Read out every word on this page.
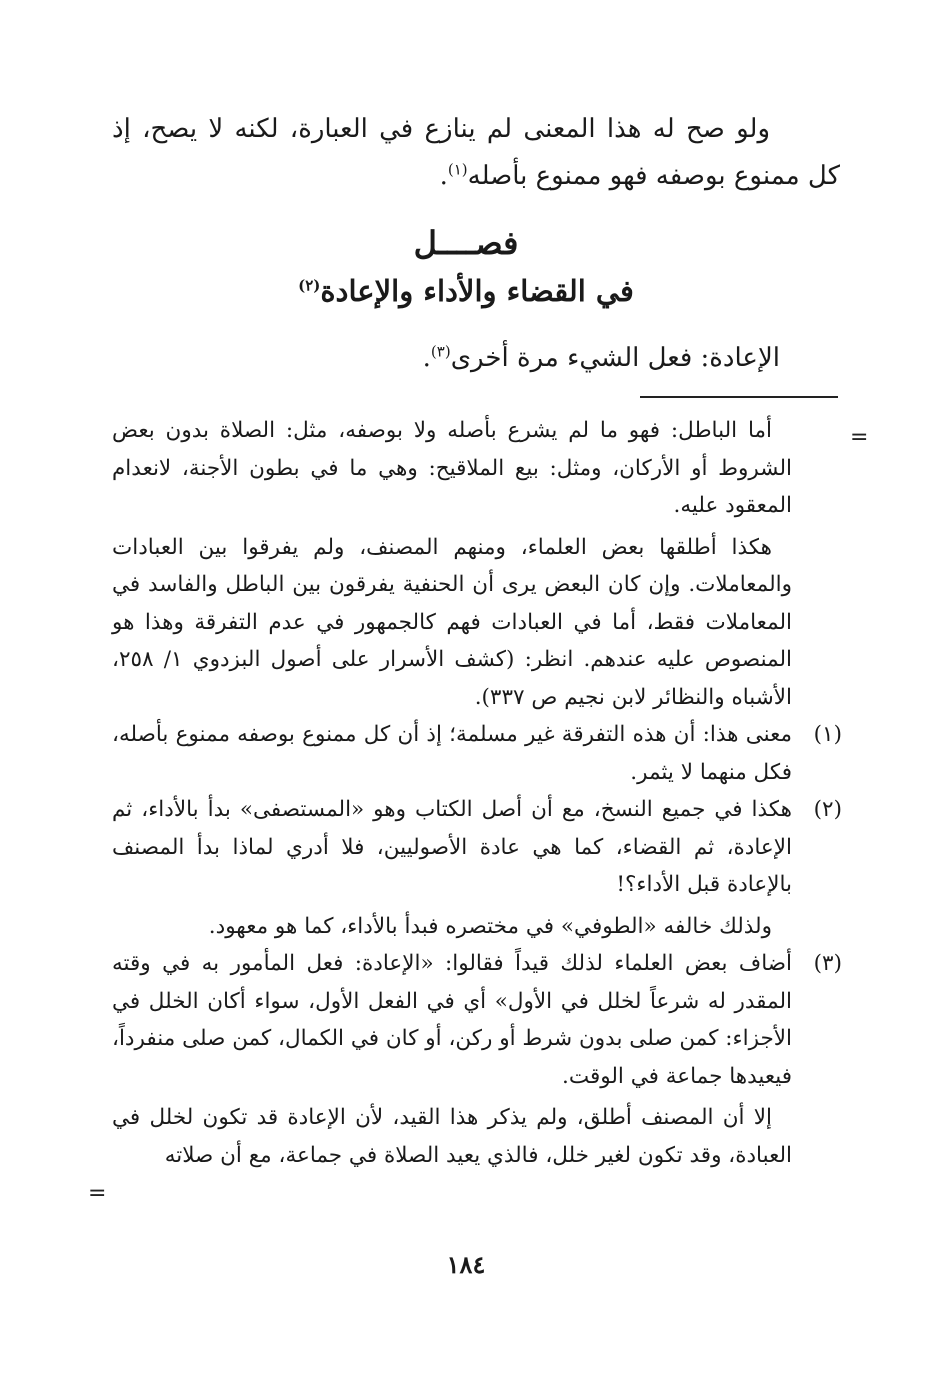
ولو صح له هذا المعنى لم ينازع في العبارة، لكنه لا يصح، إذ كل ممنوع بوصفه فهو ممنوع بأصله$^{(١)}$.
فصــــل
في القضاء والأداء والإعادة$^{(٢)}$
الإعادة: فعل الشيء مرة أخرى$^{(٣)}$.
=

أما الباطل: فهو ما لم يشرع بأصله ولا بوصفه، مثل: الصلاة بدون بعض الشروط أو الأركان، ومثل: بيع الملاقيح: وهي ما في بطون الأجنة، لانعدام المعقود عليه.

هكذا أطلقها بعض العلماء، ومنهم المصنف، ولم يفرقوا بين العبادات والمعاملات. وإن كان البعض يرى أن الحنفية يفرقون بين الباطل والفاسد في المعاملات فقط، أما في العبادات فهم كالجمهور في عدم التفرقة وهذا هو المنصوص عليه عندهم. انظر: (كشف الأسرار على أصول البزدوي ١/ ٢٥٨، الأشباه والنظائر لابن نجيم ص ٣٣٧).

(١)
معنى هذا: أن هذه التفرقة غير مسلمة؛ إذ أن كل ممنوع بوصفه ممنوع بأصله، فكل منهما لا يثمر.
(٢)
هكذا في جميع النسخ، مع أن أصل الكتاب وهو «المستصفى» بدأ بالأداء، ثم الإعادة، ثم القضاء، كما هي عادة الأصوليين، فلا أدري لماذا بدأ المصنف بالإعادة قبل الأداء؟!

ولذلك خالفه «الطوفي» في مختصره فبدأ بالأداء، كما هو معهود.

(٣)
أضاف بعض العلماء لذلك قيداً فقالوا: «الإعادة: فعل المأمور به في وقته المقدر له شرعاً لخلل في الأول» أي في الفعل الأول، سواء أكان الخلل في الأجزاء: كمن صلى بدون شرط أو ركن، أو كان في الكمال، كمن صلى منفرداً، فيعيدها جماعة في الوقت.

إلا أن المصنف أطلق، ولم يذكر هذا القيد، لأن الإعادة قد تكون لخلل في العبادة، وقد تكون لغير خلل، فالذي يعيد الصلاة في جماعة، مع أن صلاته

=
١٨٤
